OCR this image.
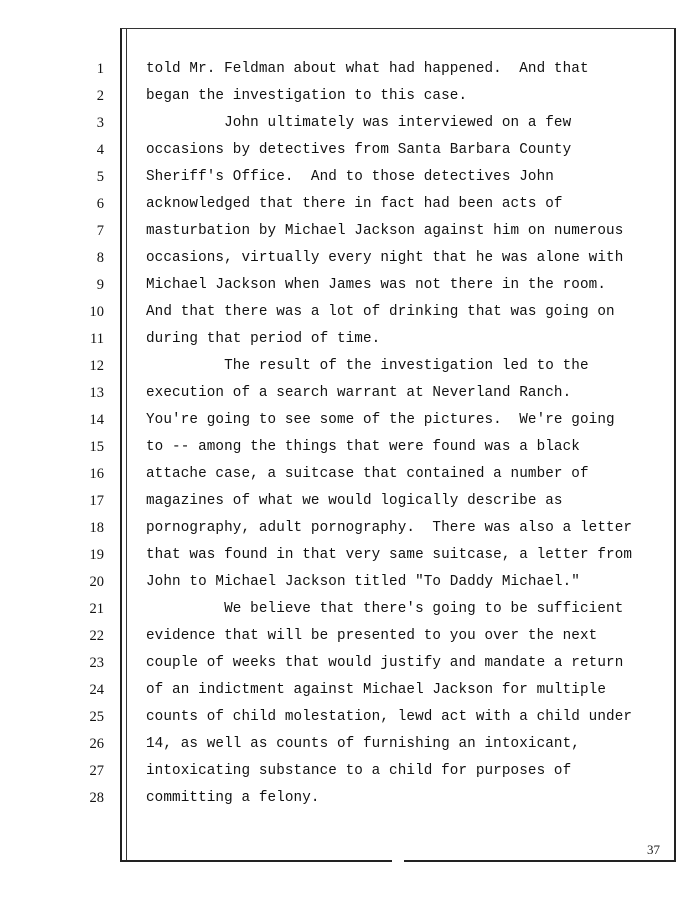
1
2
3
4
5
6
7
8
9
10
11
12
13
14
15
16
17
18
19
20
21
22
23
24
25
26
27
28
told Mr. Feldman about what had happened.  And that
began the investigation to this case.
John ultimately was interviewed on a few
occasions by detectives from Santa Barbara County
Sheriff's Office.  And to those detectives John
acknowledged that there in fact had been acts of
masturbation by Michael Jackson against him on numerous
occasions, virtually every night that he was alone with
Michael Jackson when James was not there in the room.
And that there was a lot of drinking that was going on
during that period of time.
The result of the investigation led to the
execution of a search warrant at Neverland Ranch.
You're going to see some of the pictures.  We're going
to -- among the things that were found was a black
attache case, a suitcase that contained a number of
magazines of what we would logically describe as
pornography, adult pornography.  There was also a letter
that was found in that very same suitcase, a letter from
John to Michael Jackson titled "To Daddy Michael."
We believe that there's going to be sufficient
evidence that will be presented to you over the next
couple of weeks that would justify and mandate a return
of an indictment against Michael Jackson for multiple
counts of child molestation, lewd act with a child under
14, as well as counts of furnishing an intoxicant,
intoxicating substance to a child for purposes of
committing a felony.
37
